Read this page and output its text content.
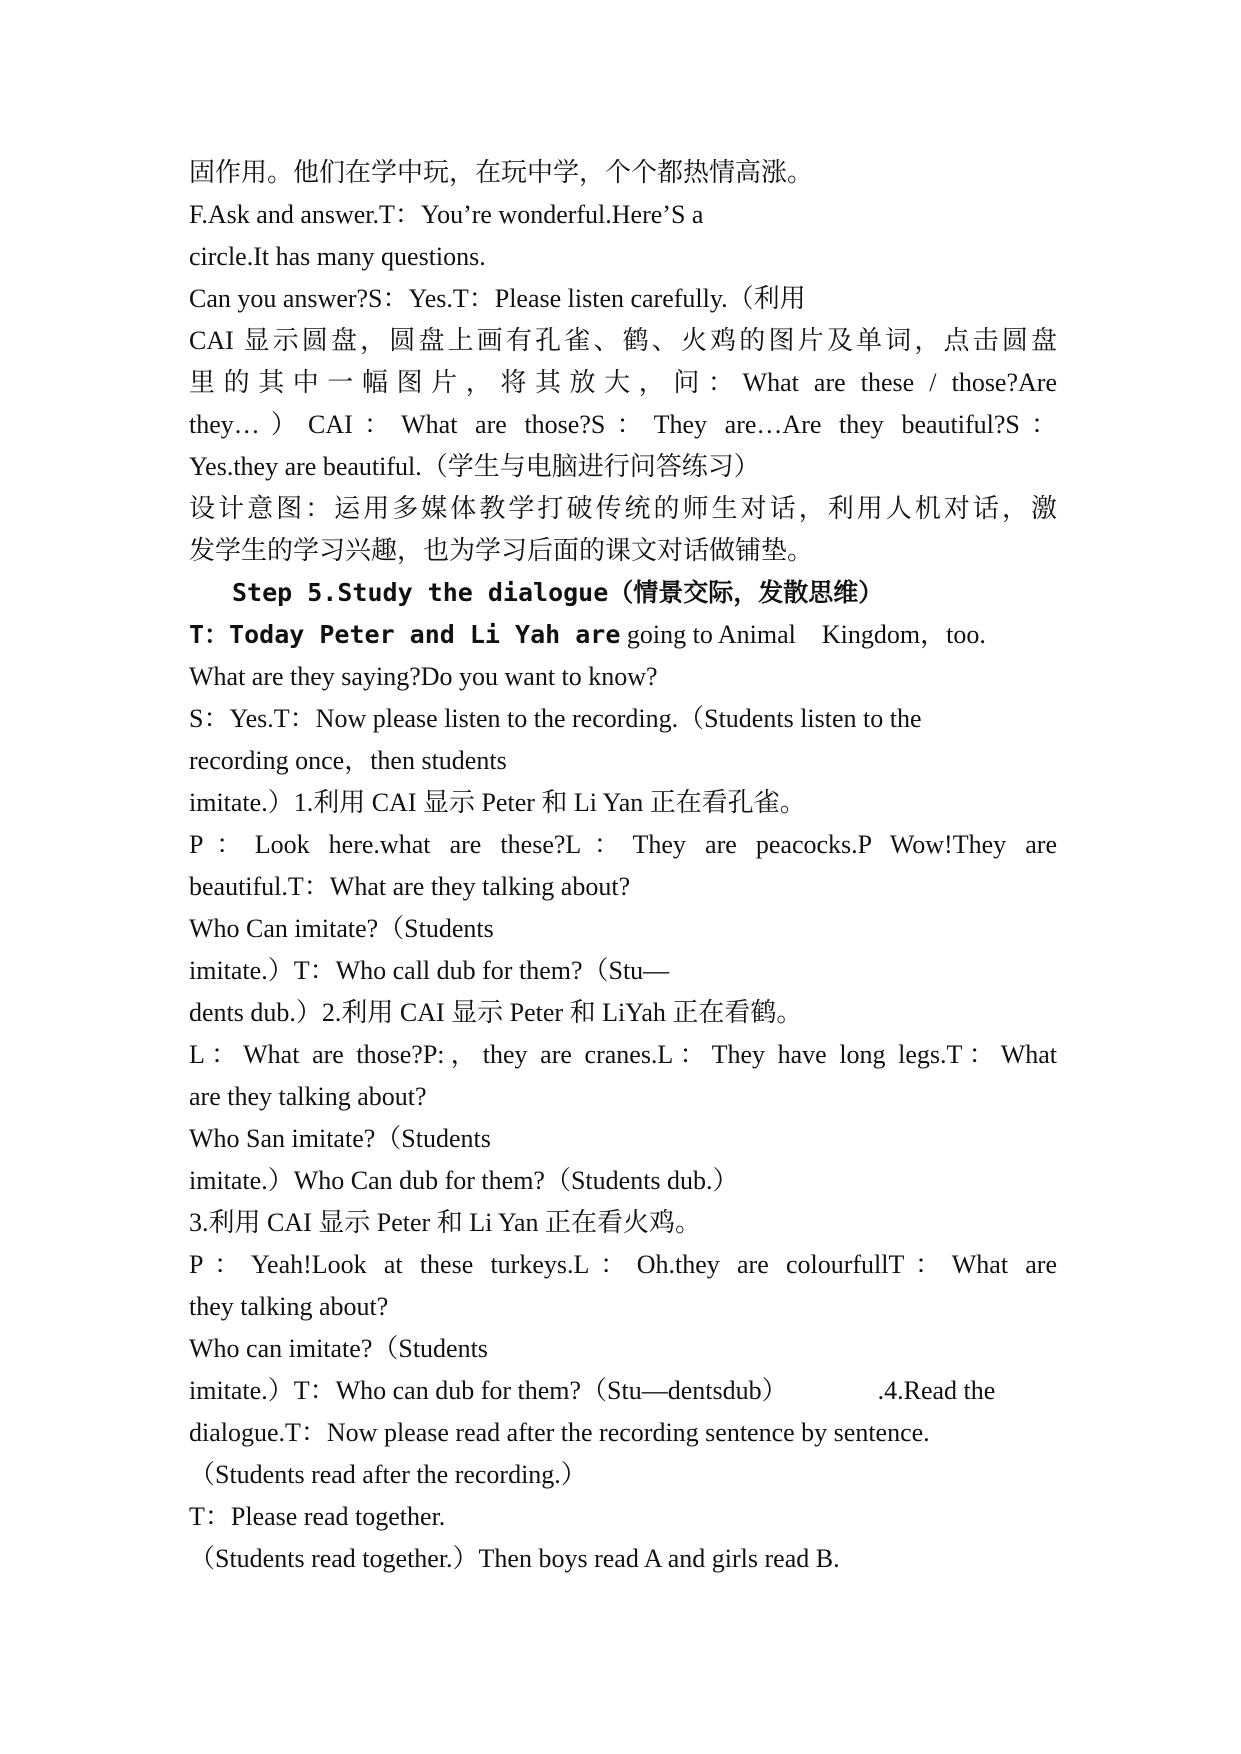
固作用。他们在学中玩，在玩中学，个个都热情高涨。
F.Ask and answer.T：You’re wonderful.Here’S a
circle.It has many questions.
Can you answer?S：Yes.T：Please listen carefully.（利用
CAI 显示圆盘，圆盘上画有孔雀、鹤、火鸡的图片及单词，点击圆盘
里的其中一幅图片，将其放大，问：What are these / those?Are
they…）CAI：What are those?S：They are…Are they beautiful?S：
Yes.they are beautiful.（学生与电脑进行问答练习）
设计意图：运用多媒体教学打破传统的师生对话，利用人机对话，激
发学生的学习兴趣，也为学习后面的课文对话做铺垫。
Step 5.Study the dialogue（情景交际，发散思维）
T：Today Peter and Li Yah are going to Animal　Kingdom，too.
What are they saying?Do you want to know?
S：Yes.T：Now please listen to the recording.（Students listen to the
recording once，then students
imitate.）1.利用 CAI 显示 Peter 和 Li Yan 正在看孔雀。
P：Look here.what are these?L：They are peacocks.P Wow!They are
beautiful.T：What are they talking about?
Who Can imitate?（Students
imitate.）T：Who call dub for them?（Stu—
dents dub.）2.利用 CAI 显示 Peter 和 LiYah 正在看鹤。
L：What are those?P:，they are cranes.L：They have long legs.T：What
are they talking about?
Who San imitate?（Students
imitate.）Who Can dub for them?（Students dub.）
3.利用 CAI 显示 Peter 和 Li Yan 正在看火鸡。
P：Yeah!Look at these turkeys.L：Oh.they are colourfullT：What are
they talking about?
Who can imitate?（Students
imitate.）T：Who can dub for them?（Stu—dentsdub）	.4.Read the
dialogue.T：Now please read after the recording sentence by sentence.
（Students read after the recording.）
T：Please read together.
（Students read together.）Then boys read A and girls read B.
